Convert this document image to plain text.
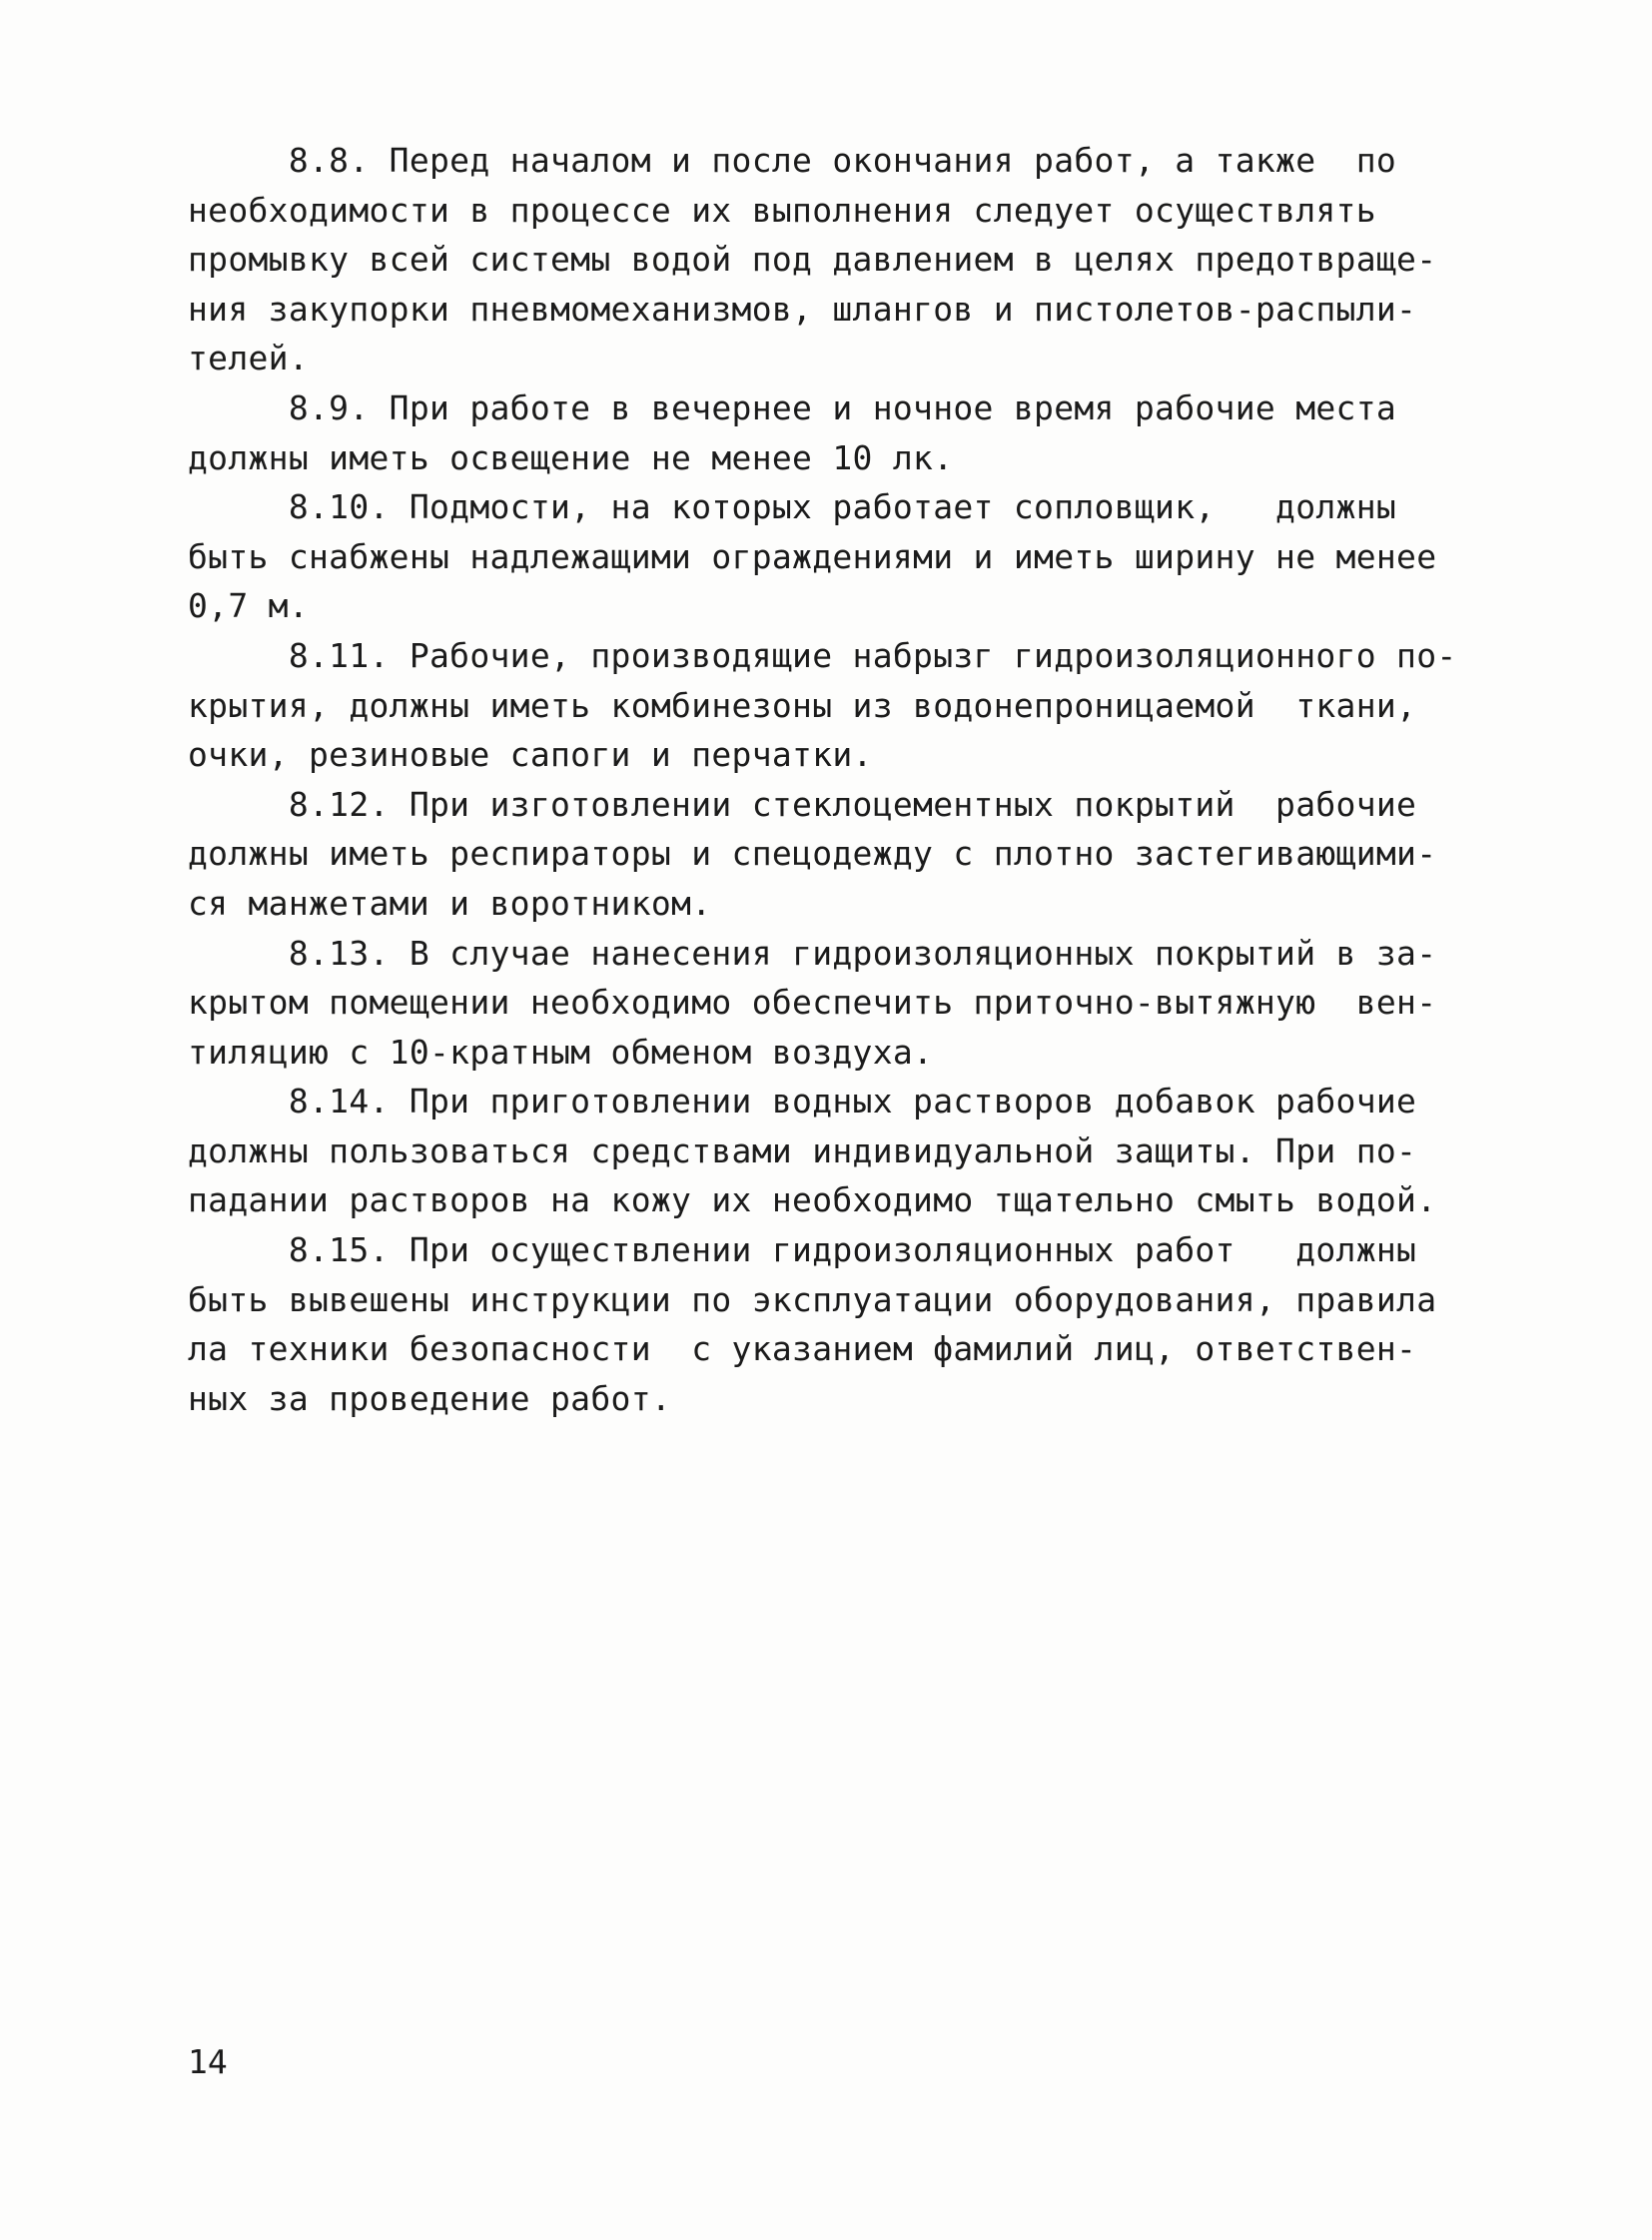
8.8. Перед началом и после окончания работ, а также  по
необходимости в процессе их выполнения следует осуществлять
промывку всей системы водой под давлением в целях предотвраще-
ния закупорки пневмомеханизмов, шлангов и пистолетов-распыли-
телей.
8.9. При работе в вечернее и ночное время рабочие места
должны иметь освещение не менее 10 лк.
8.10. Подмости, на которых работает сопловщик,   должны
быть снабжены надлежащими ограждениями и иметь ширину не менее
0,7 м.
8.11. Рабочие, производящие набрызг гидроизоляционного по-
крытия, должны иметь комбинезоны из водонепроницаемой  ткани,
очки, резиновые сапоги и перчатки.
8.12. При изготовлении стеклоцементных покрытий  рабочие
должны иметь респираторы и спецодежду с плотно застегивающими-
ся манжетами и воротником.
8.13. В случае нанесения гидроизоляционных покрытий в за-
крытом помещении необходимо обеспечить приточно-вытяжную  вен-
тиляцию с 10-кратным обменом воздуха.
8.14. При приготовлении водных растворов добавок рабочие
должны пользоваться средствами индивидуальной защиты. При по-
падании растворов на кожу их необходимо тщательно смыть водой.
8.15. При осуществлении гидроизоляционных работ   должны
быть вывешены инструкции по эксплуатации оборудования, правила
ла техники безопасности  с указанием фамилий лиц, ответствен-
ных за проведение работ.
14
